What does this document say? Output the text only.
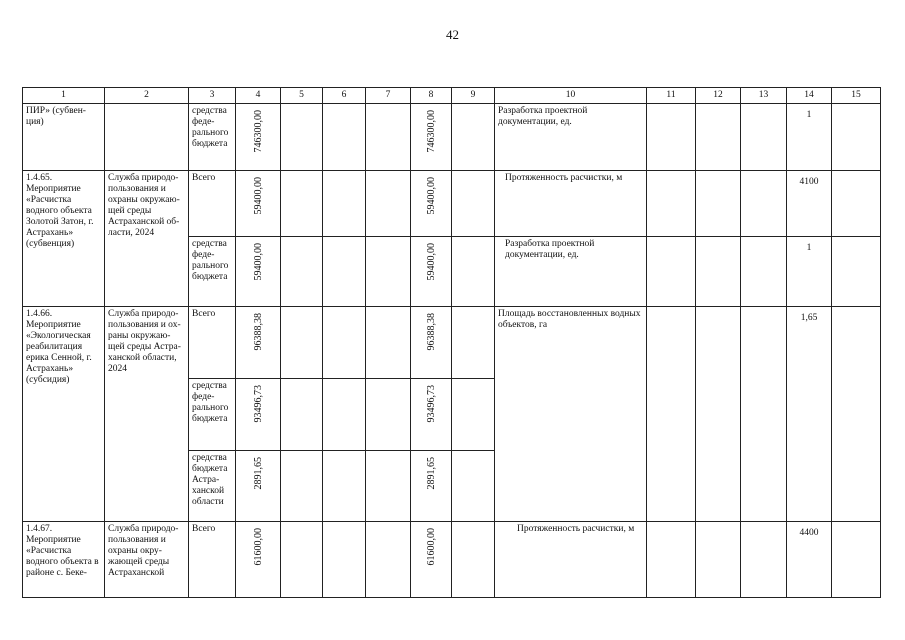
42
1	2	3	4	5	6	7	8	9	10	11	12	13	14	15
ПИР» (субвен-ция)		средства феде-рального бюджета	746300,00				746300,00		Разработка проектной документации, ед.				1	
1.4.65. Мероприятие «Расчистка водного объекта Золотой Затон, г. Астрахань» (субвенция)	Служба природо-пользования и охраны окружаю-щей среды Астраханской об-ласти, 2024	Всего	59400,00				59400,00		Протяженность расчистки, м				4100	
		средства феде-рального бюджета	59400,00				59400,00		Разработка проектной документации, ед.				1	
1.4.66. Мероприятие «Экологическая реабилитация ерика Сенной, г. Астрахань» (субсидия)	Служба природо-пользования и ох-раны окружаю-щей среды Астра-ханской области, 2024	Всего	96388,38				96388,38		Площадь восстановленных водных объектов, га				1,65	
		средства феде-рального бюджета	93496,73				93496,73							

		средства бюджета Астра-ханской области	2891,65				2891,65							

1.4.67. Мероприятие «Расчистка водного объекта в районе с. Беке-	Служба природо-пользования и охраны окру-жающей среды Астраханской	Всего	61600,00				61600,00		Протяженность расчистки, м				4400	
